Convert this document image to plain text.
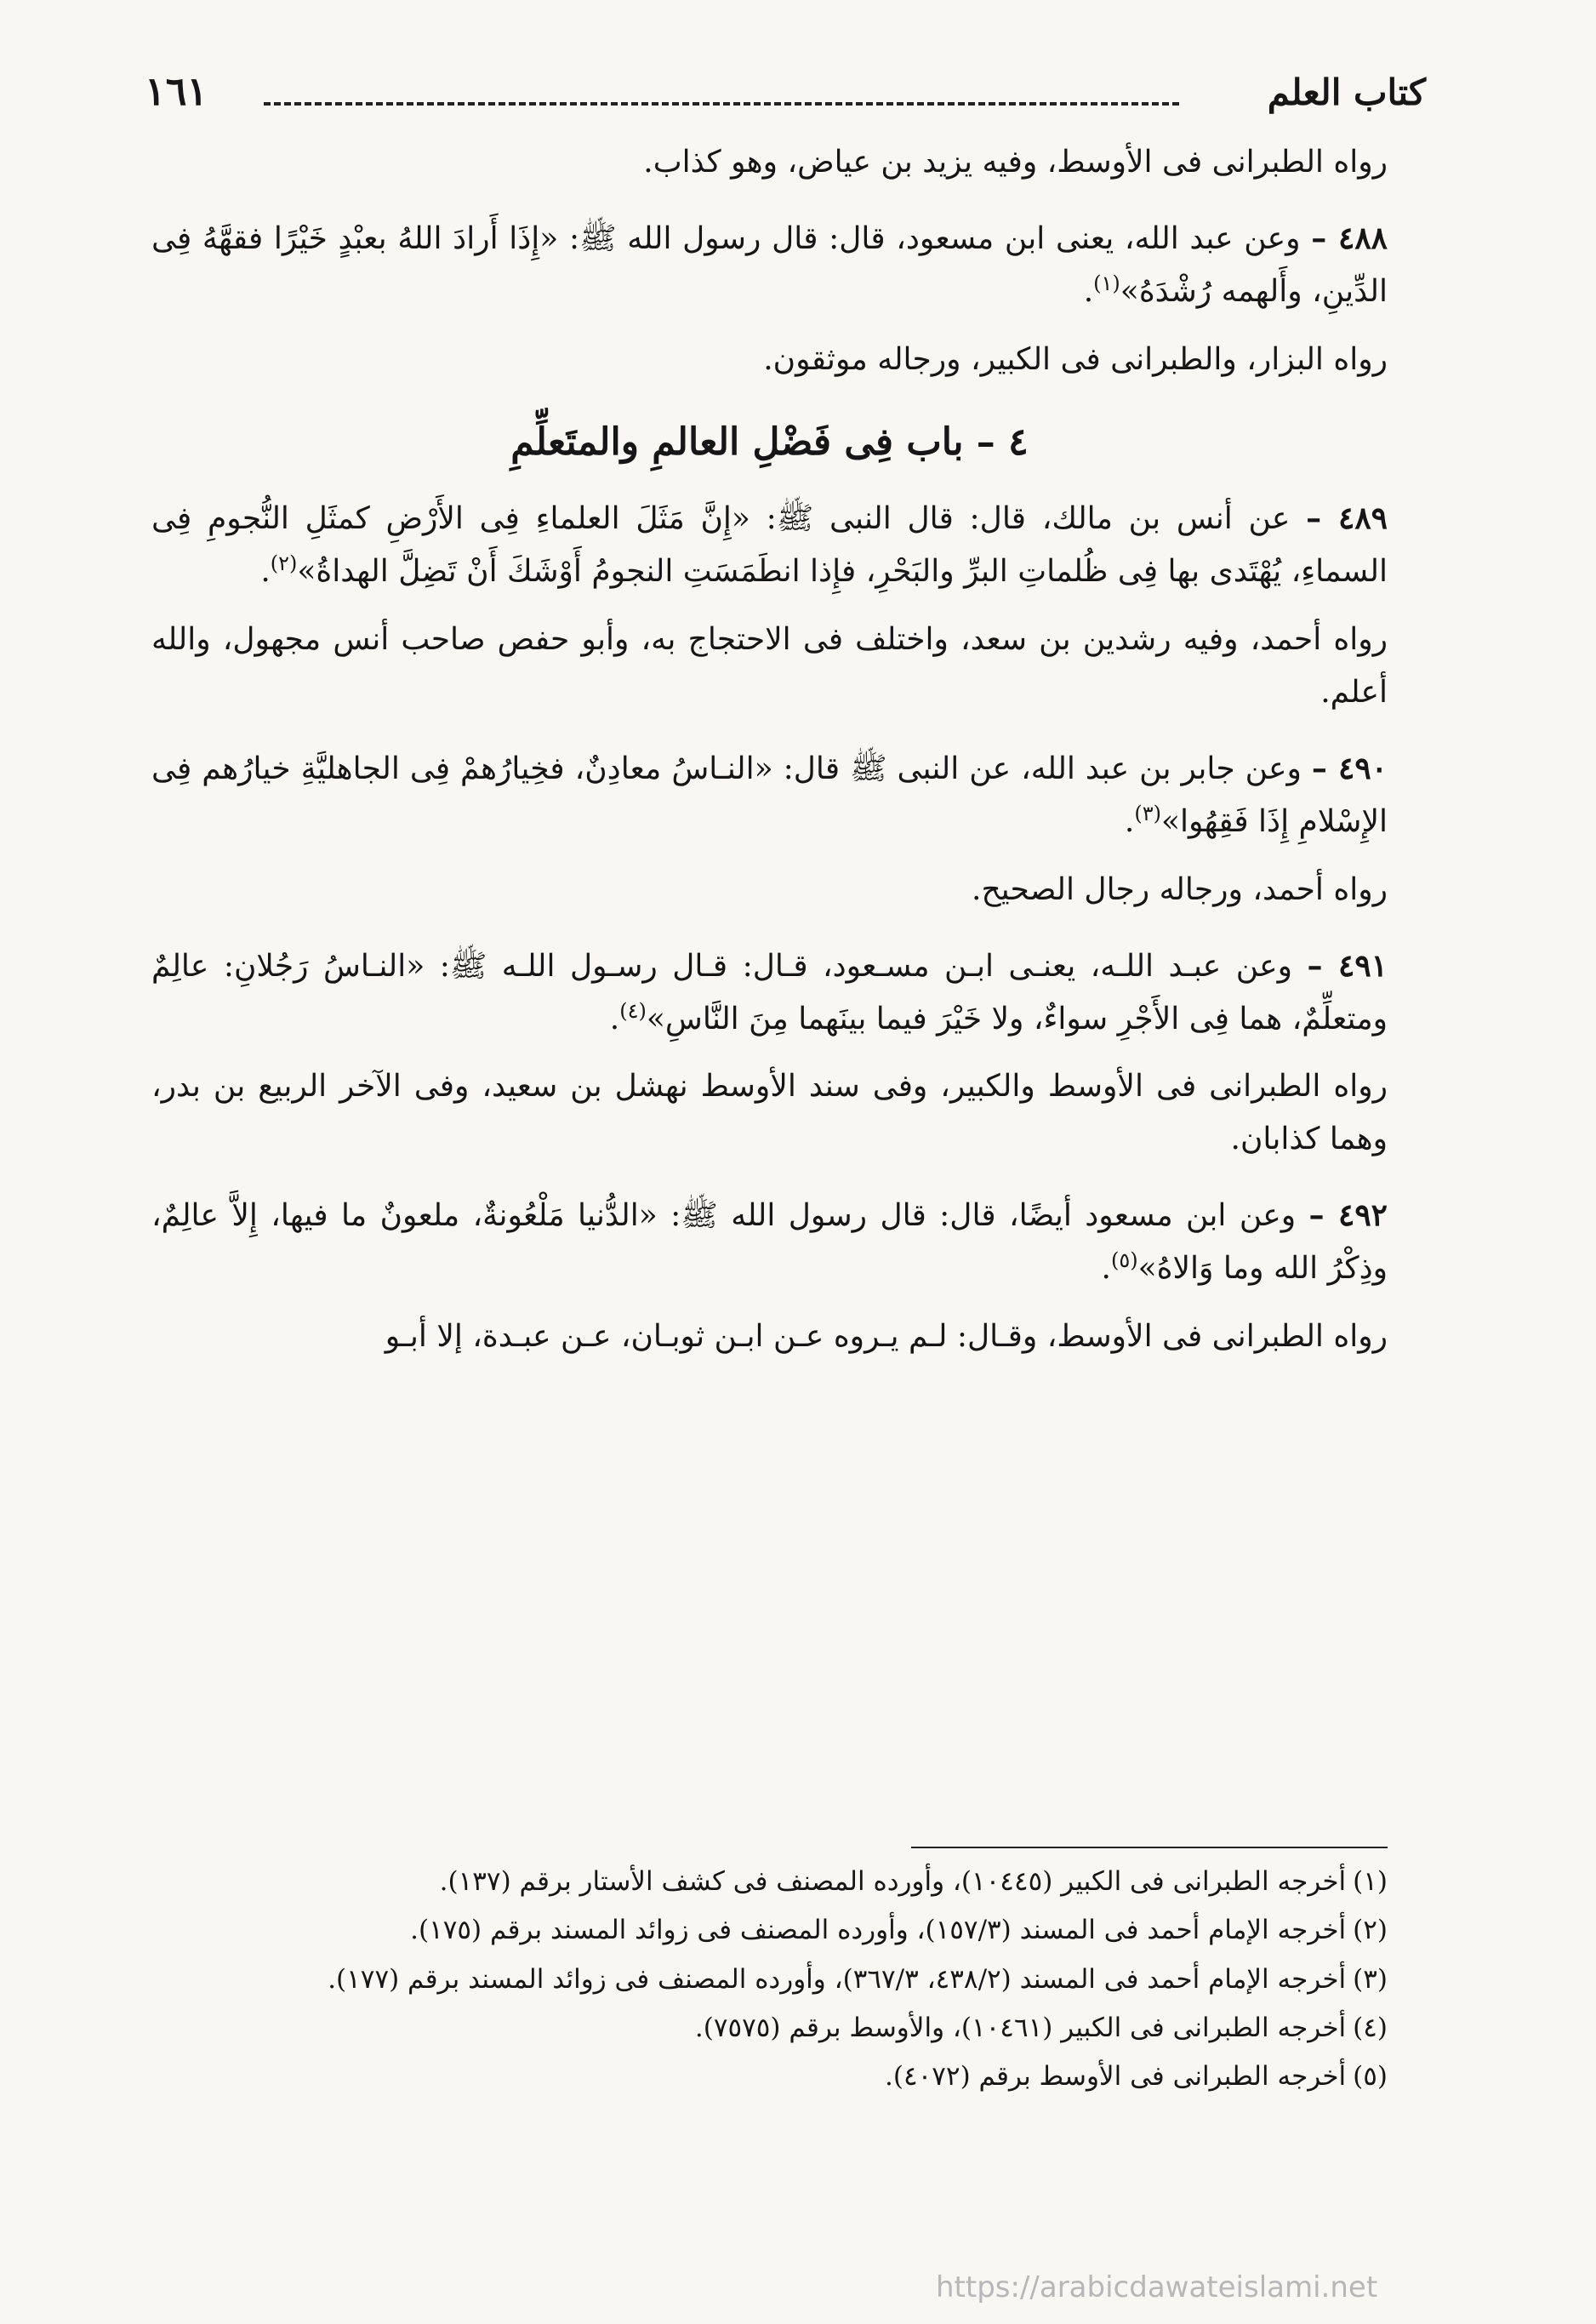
كتاب العلم
١٦١

رواه الطبرانى فى الأوسط، وفيه يزيد بن عياض، وهو كذاب.

٤٨٨ – وعن عبد الله، يعنى ابن مسعود، قال: قال رسول الله ﷺ: «إِذَا أَرادَ اللهُ بعبْدٍ خَيْرًا فقهَّهُ فِى الدِّينِ، وأَلهمه رُشْدَهُ»$^{(١)}$.

رواه البزار، والطبرانى فى الكبير، ورجاله موثقون.

٤ – باب فِى فَضْلِ العالمِ والمتَعلِّمِ

٤٨٩ – عن أنس بن مالك، قال: قال النبى ﷺ: «إِنَّ مَثَلَ العلماءِ فِى الأَرْضِ كمثَلِ النُّجومِ فِى السماءِ، يُهْتَدى بها فِى ظُلماتِ البرِّ والبَحْرِ، فإِذا انطَمَسَتِ النجومُ أَوْشَكَ أَنْ تَضِلَّ الهداةُ»$^{(٢)}$.

رواه أحمد، وفيه رشدين بن سعد، واختلف فى الاحتجاج به، وأبو حفص صاحب أنس مجهول، والله أعلم.

٤٩٠ – وعن جابر بن عبد الله، عن النبى ﷺ قال: «النـاسُ معادِنٌ، فخِيارُهمْ فِى الجاهليَّةِ خيارُهم فِى الإِسْلامِ إِذَا فَقِهُوا»$^{(٣)}$.

رواه أحمد، ورجاله رجال الصحيح.

٤٩١ – وعن عبـد اللـه، يعنـى ابـن مسـعود، قـال: قـال رسـول اللـه ﷺ: «النـاسُ رَجُلانِ: عالِمٌ ومتعلِّمٌ، هما فِى الأَجْرِ سواءٌ، ولا خَيْرَ فيما بينَهما مِنَ النَّاسِ»$^{(٤)}$.

رواه الطبرانى فى الأوسط والكبير، وفى سند الأوسط نهشل بن سعيد، وفى الآخر الربيع بن بدر، وهما كذابان.

٤٩٢ – وعن ابن مسعود أيضًا، قال: قال رسول الله ﷺ: «الدُّنيا مَلْعُونةٌ، ملعونٌ ما فيها، إِلاَّ عالِمٌ، وذِكْرُ الله وما وَالاهُ»$^{(٥)}$.

رواه الطبرانى فى الأوسط، وقـال: لـم يـروه عـن ابـن ثوبـان، عـن عبـدة، إلا أبـو

(١)أخرجه الطبرانى فى الكبير (١٠٤٤٥)، وأورده المصنف فى كشف الأستار برقم (١٣٧).

(٢)أخرجه الإمام أحمد فى المسند (١٥٧/٣)، وأورده المصنف فى زوائد المسند برقم (١٧٥).

(٣)أخرجه الإمام أحمد فى المسند (٤٣٨/٢، ٣٦٧/٣)، وأورده المصنف فى زوائد المسند برقم (١٧٧).

(٤)أخرجه الطبرانى فى الكبير (١٠٤٦١)، والأوسط برقم (٧٥٧٥).

(٥)أخرجه الطبرانى فى الأوسط برقم (٤٠٧٢).

https://arabicdawateislami.net
